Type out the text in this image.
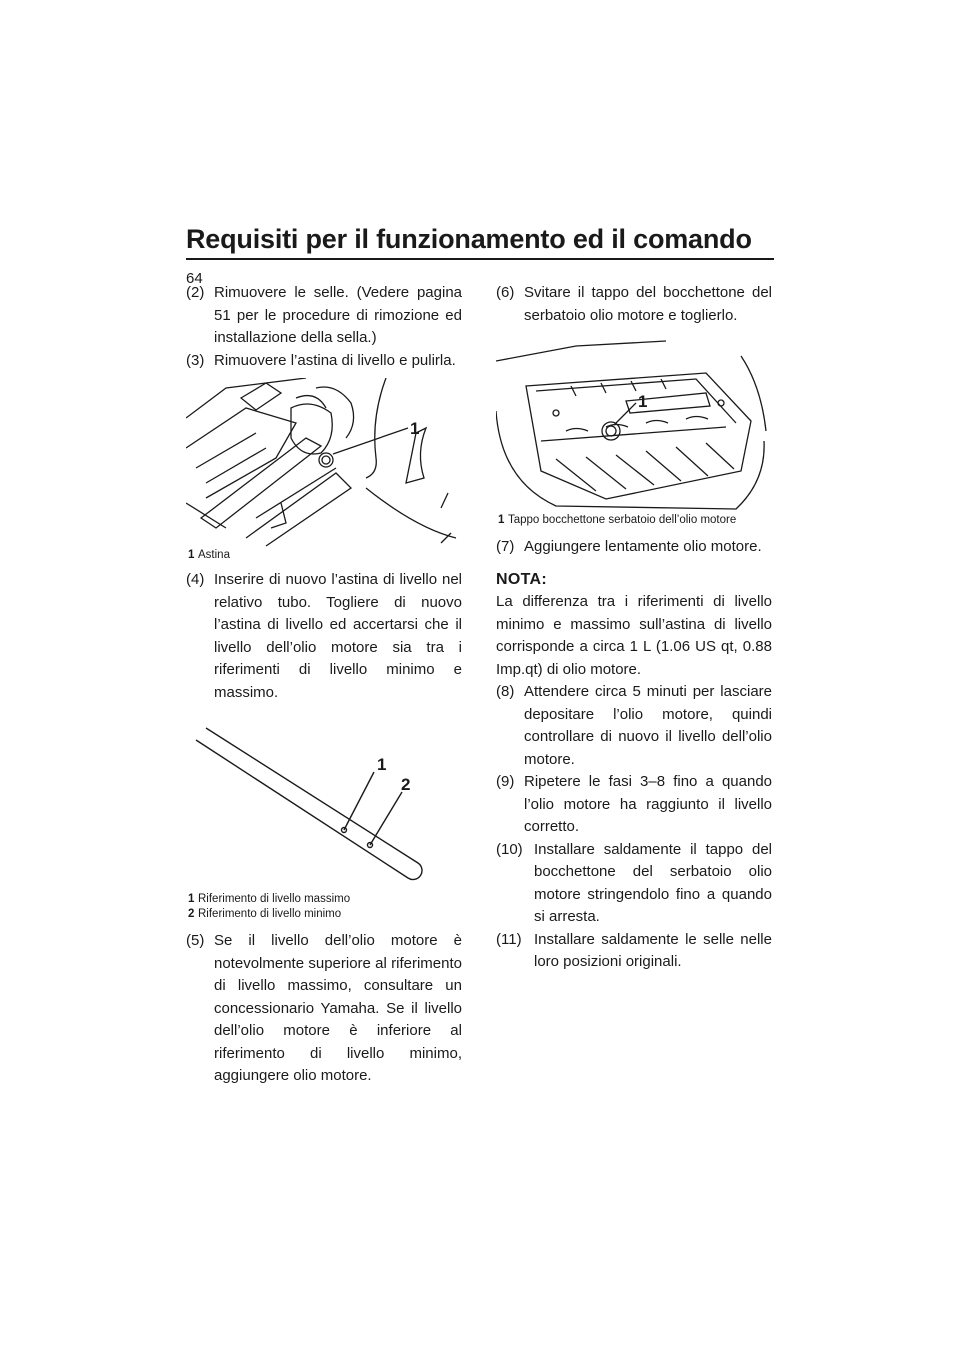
Requisiti per il funzionamento ed il comando
64

(2) Rimuovere le selle. (Vedere pagina 51 per le procedure di rimozione ed installazione della sella.)

(3) Rimuovere l’astina di livello e pulirla.

1
1 Astina

(4) Inserire di nuovo l’astina di livello nel relativo tubo. Togliere di nuovo l’astina di livello ed accertarsi che il livello dell’olio motore sia tra i riferimenti di livello minimo e massimo.

1
2
1 Riferimento di livello massimo
2 Riferimento di livello minimo

(5) Se il livello dell’olio motore è notevolmente superiore al riferimento di livello massimo, consultare un concessionario Yamaha. Se il livello dell’olio motore è inferiore al riferimento di livello minimo, aggiungere olio motore.

(6) Svitare il tappo del bocchettone del serbatoio olio motore e toglierlo.

1
1 Tappo bocchettone serbatoio dell’olio motore

(7) Aggiungere lentamente olio motore.

NOTA:

La differenza tra i riferimenti di livello minimo e massimo sull’astina di livello corrisponde a circa 1 L (1.06 US qt, 0.88 Imp.qt) di olio motore.

(8) Attendere circa 5 minuti per lasciare depositare l’olio motore, quindi controllare di nuovo il livello dell’olio motore.

(9) Ripetere le fasi 3–8 fino a quando l’olio motore ha raggiunto il livello corretto.

(10) Installare saldamente il tappo del bocchettone del serbatoio olio motore stringendolo fino a quando si arresta.

(11) Installare saldamente le selle nelle loro posizioni originali.
